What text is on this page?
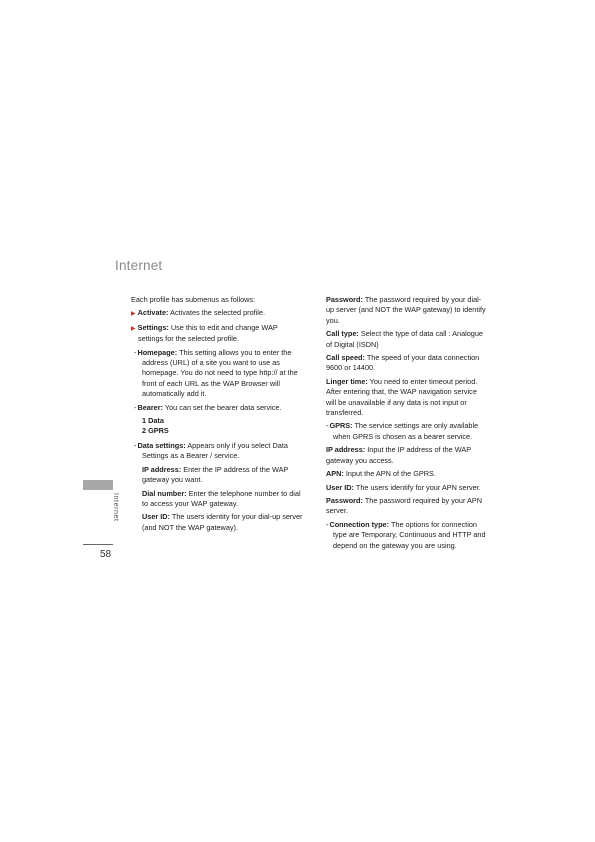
Internet

Each profile has submenus as follows:

▶ Activate: Activates the selected profile.

▶ Settings: Use this to edit and change WAP settings for the selected profile.

-Homepage: This setting allows you to enter the address (URL) of a site you want to use as homepage. You do not need to type http:// at the front of each URL as the WAP Browser will automatically add it.

-Bearer: You can set the bearer data service.

1 Data
2 GPRS

-Data settings: Appears only if you select Data Settings as a Bearer / service.

IP address: Enter the IP address of the WAP gateway you want.

Dial number: Enter the telephone number to dial to access your WAP gateway.

User ID: The users identity for your dial-up server (and NOT the WAP gateway).

Password: The password required by your dial-up server (and NOT the WAP gateway) to identify you.

Call type: Select the type of data call : Analogue of Digital (ISDN)

Call speed: The speed of your data connection 9600 or 14400.

Linger time: You need to enter timeout period. After entering that, the WAP navigation service will be unavailable if any data is not input or transferred.

-GPRS: The service settings are only available when GPRS is chosen as a bearer service.

IP address: Input the IP address of the WAP gateway you access.

APN: Input the APN of the GPRS.

User ID: The users identify for your APN server.

Password: The password required by your APN server.

-Connection type: The options for connection type are Temporary, Continuous and HTTP and depend on the gateway you are using.

Internet
58
